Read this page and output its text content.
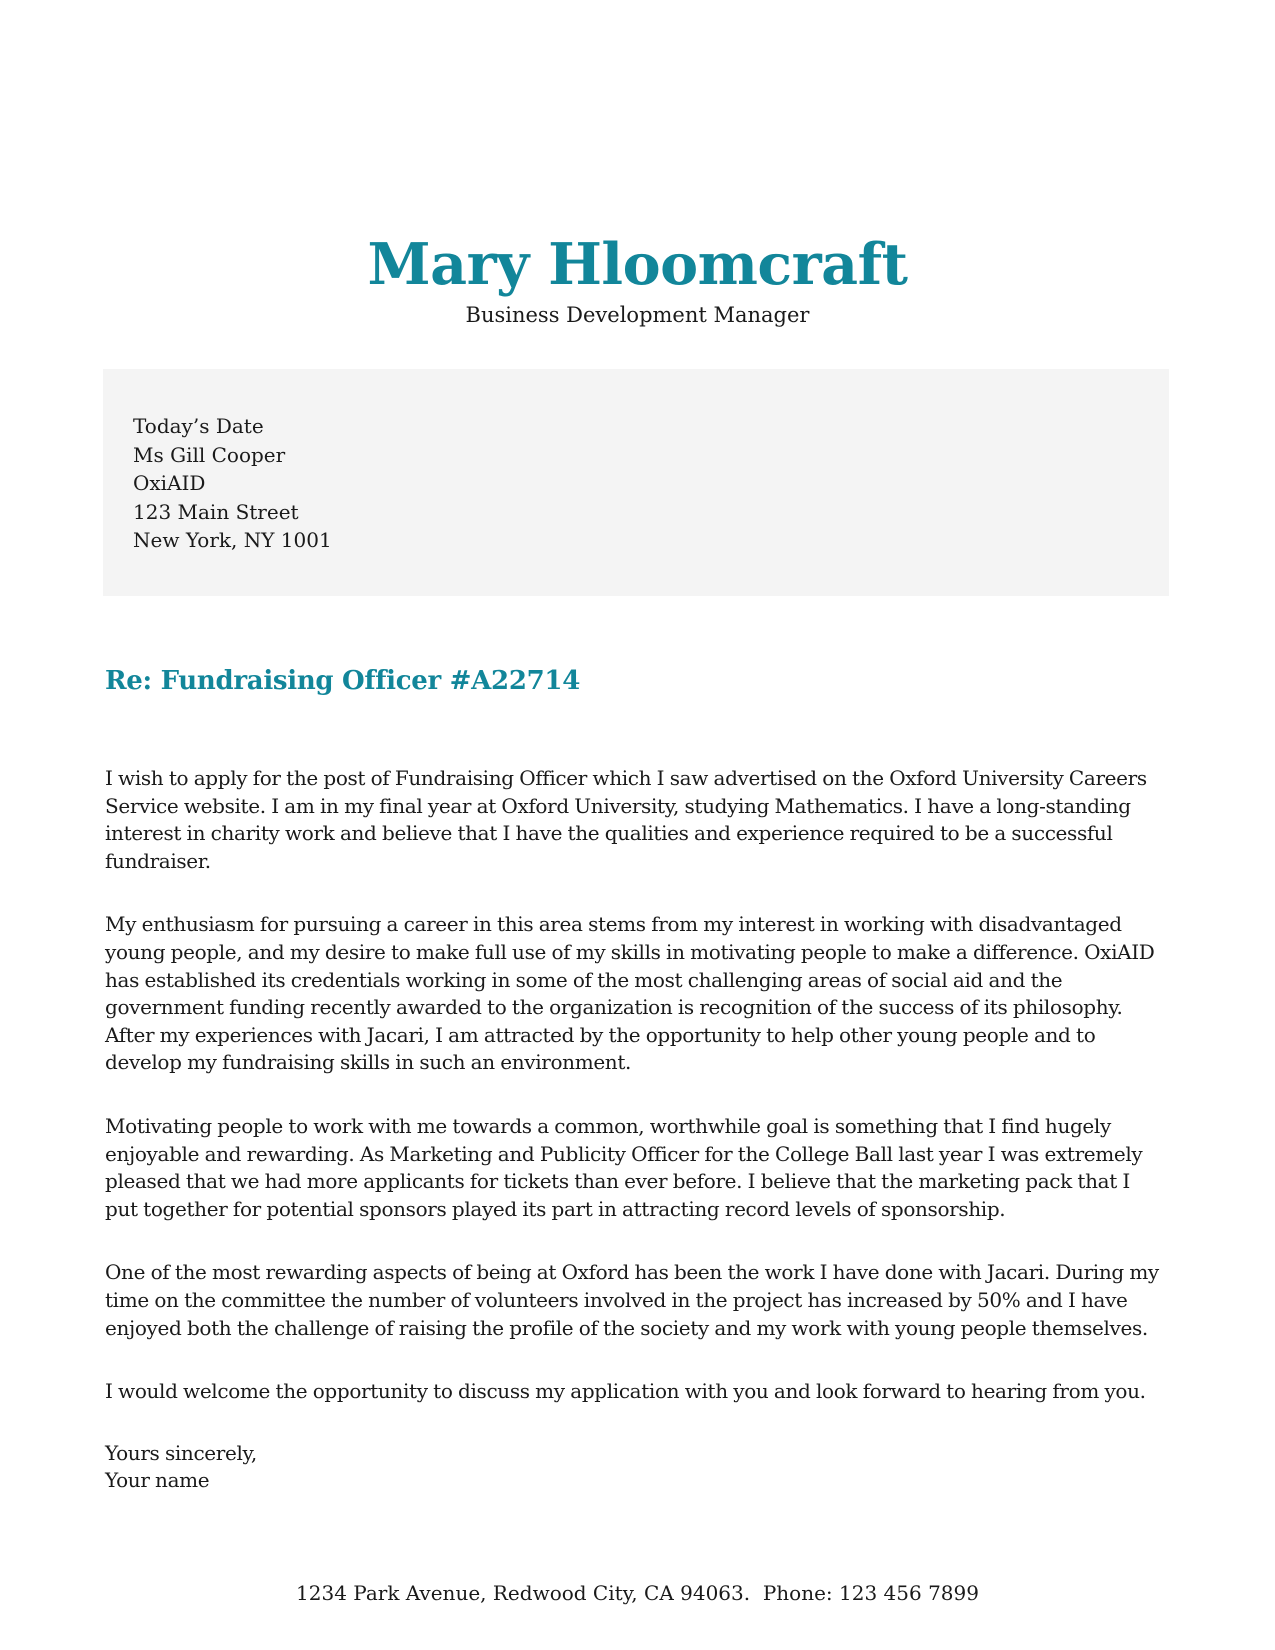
Mary Hloomcraft
Business Development Manager
Today’s Date
Ms Gill Cooper
OxiAID
123 Main Street
New York, NY 1001
Re: Fundraising Officer #A22714

I wish to apply for the post of Fundraising Officer which I saw advertised on the Oxford University Careers Service website. I am in my final year at Oxford University, studying Mathematics. I have a long-standing interest in charity work and believe that I have the qualities and experience required to be a successful fundraiser.

My enthusiasm for pursuing a career in this area stems from my interest in working with disadvantaged young people, and my desire to make full use of my skills in motivating people to make a difference. OxiAID has established its credentials working in some of the most challenging areas of social aid and the government funding recently awarded to the organization is recognition of the success of its philosophy. After my experiences with Jacari, I am attracted by the opportunity to help other young people and to develop my fundraising skills in such an environment.

Motivating people to work with me towards a common, worthwhile goal is something that I find hugely enjoyable and rewarding. As Marketing and Publicity Officer for the College Ball last year I was extremely pleased that we had more applicants for tickets than ever before. I believe that the marketing pack that I put together for potential sponsors played its part in attracting record levels of sponsorship.

One of the most rewarding aspects of being at Oxford has been the work I have done with Jacari. During my time on the committee the number of volunteers involved in the project has increased by 50% and I have enjoyed both the challenge of raising the profile of the society and my work with young people themselves.

I would welcome the opportunity to discuss my application with you and look forward to hearing from you.

Yours sincerely,
Your name
1234 Park Avenue, Redwood City, CA 94063.  Phone: 123 456 7899
